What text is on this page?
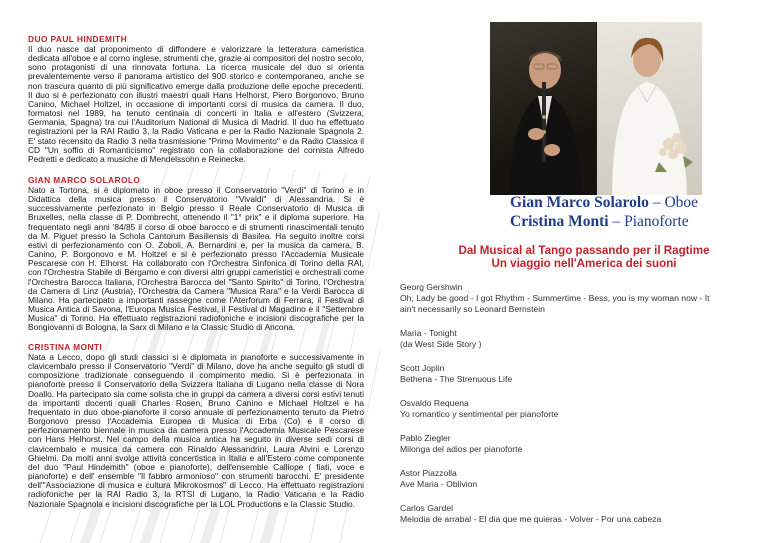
DUO PAUL HINDEMITH

Il duo nasce dal proponimento di diffondere e valorizzare la letteratura cameristica dedicata all'oboe e al corno inglese, strumenti che, grazie ai compositori del nostro secolo, sono protagonisti di una rinnovata fortuna. La ricerca musicale del duo si orienta prevalentemente verso il panorama artistico del 900 storico e contemporaneo, anche se non trascura quanto di più significativo emerge dalla produzione delle epoche precedenti. Il duo si è perfezionato con illustri maestri quali Hans Helhorst, Piero Borgonovo, Bruno Canino, Michael Holtzel, in occasione di importanti corsi di musica da camera. Il duo, formatosi nel 1989, ha tenuto centinaia di concerti in Italia e all'estero (Svizzera, Germania, Spagna) tra cui l'Auditorium National di Musica di Madrid. Il duo ha effettuato registrazioni per la RAI Radio 3, la Radio Vaticana e per la Radio Nazionale Spagnola 2. E' stato recensito da Radio 3 nella trasmissione "Primo Movimento" e da Radio Classica il CD "Un soffio di Romanticismo" registrato con la collaborazione del cornista Alfredo Pedretti e dedicato a musiche di Mendelssohn e Reinecke.

GIAN MARCO SOLAROLO

Nato a Tortona, si è diplomato in oboe presso il Conservatorio "Verdi" di Torino e in Didattica della musica presso il Conservatorio "Vivaldi" di Alessandria. Si è successivamente perfezionato in Belgio presso il Reale Conservatorio di Musica di Bruxelles, nella classe di P. Dombrecht, ottenendo il "1° prix" e il diploma superiore. Ha frequentato negli anni '84/85 il corso di oboe barocco e di strumenti rinascimentali tenuto da M. Piguet presso la Schola Cantorum Basiliensis di Basilea. Ha seguito inoltre corsi estivi di perfezionamento con O. Zoboli, A. Bernardini e, per la musica da camera, B. Canino, P. Borgonovo e M. Holtzel e si è perfezionato presso l'Accademia Musicale Pescarese con H. Elhorst. Ha collaborato con l'Orchestra Sinfonica di Torino della RAI, con l'Orchestra Stabile di Bergamo e con diversi altri gruppi cameristici e orchestrali come l'Orchestra Barocca Italiana, l'Orchestra Barocca del "Santo Spirito" di Torino, l'Orchestra da Camera di Linz (Austria), l'Orchestra da Camera "Musica Rara" e la Verdi Barocca di Milano. Ha partecipato a importanti rassegne come l'Aterforum di Ferrara, il Festival di Musica Antica di Savona, l'Europa Musica Festival, il Festival di Magadino e il "Settembre Musica" di Torino. Ha effettuato registrazioni radiofoniche e incisioni discografiche per la Bongiovanni di Bologna, la Sarx di Milano e la Classic Studio di Ancona.

CRISTINA MONTI

Nata a Lecco, dopo gli studi classici si è diplomata in pianoforte e successivamente in clavicembalo presso il Conservatorio "Verdi" di Milano, dove ha anche seguito gli studi di composizione tradizionale conseguendo il compimento medio. Si è perfezionata in pianoforte presso il Conservatorio della Svizzera Italiana di Lugano nella classe di Nora Doallo. Ha partecipato sia come solista che in gruppi da camera a diversi corsi estivi tenuti da importanti docenti quali Charles Rosen, Bruno Canino e Michael Holtzel e ha frequentato in duo oboe-pianoforte il corso annuale di perfezionamento tenuto da Pietro Borgonovo presso l'Accademia Europea di Musica di Erba (Co) e il corso di perfezionamento biennale in musica da camera presso l'Accademia Musicale Pescarese con Hans Helhorst. Nel campo della musica antica ha seguito in diverse sedi corsi di clavicembalo e musica da camera con Rinaldo Alessandrini, Laura Alvini e Lorenzo Ghielmi. Da molti anni svolge attività concertistica in Italia e all'Estero come componente del duo "Paul Hindemith" (oboe e pianoforte), dell'ensemble Calliope ( fiati, voce e pianoforte) e dell' ensemble "Il fabbro armonioso" con strumenti barocchi. E' presidente dell'"Associazione di musica e cultura Mikrokosmos" di Lecco. Ha effettuato registrazioni radiofoniche per la RAI Radio 3, la RTSI di Lugano, la Radio Vaticana e la Radio Nazionale Spagnola e incisioni discografiche per la LOL Productions e la Classic Studio.

Gian Marco Solarolo – Oboe
Cristina Monti – Pianoforte
Dal Musical al Tango passando per il Ragtime
Un viaggio nell'America dei suoni
Georg Gershwin
Oh, Lady be good - I got Rhythm - Summertime - Bess, you is my woman now - It
ain't necessarily so Leonard Bernstein
Maria - Tonight
(da West Side Story )
Scott Joplin
Bethena - The Strenuous Life
Osvaldo Requena
Yo romantico y sentimental per pianoforte
Pablo Ziegler
Milonga del adios per pianoforte
Astor Piazzolla
Ave Maria - Oblivion
Carlos Gardel
Melodia de arrabal - El dia que me quieras - Volver - Por una cabeza
